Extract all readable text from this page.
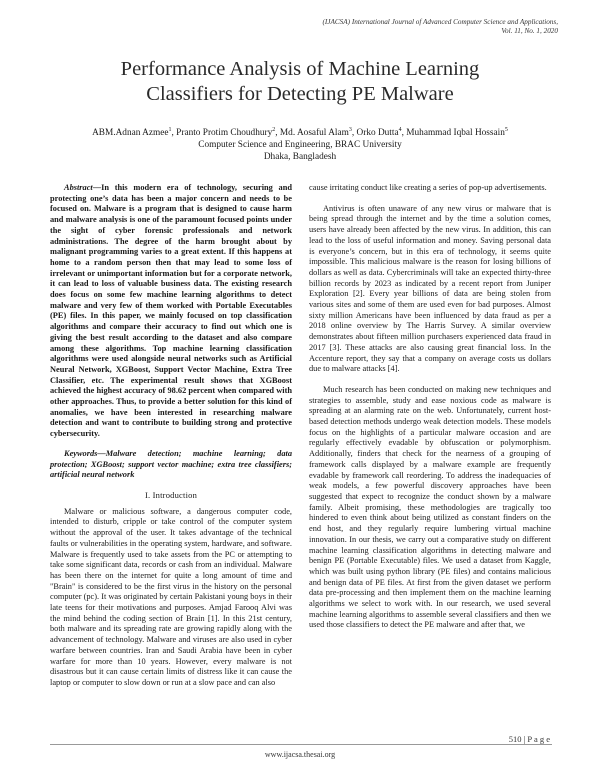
(IJACSA) International Journal of Advanced Computer Science and Applications,
Vol. 11, No. 1, 2020
Performance Analysis of Machine Learning
Classifiers for Detecting PE Malware
ABM.Adnan Azmee$^1$, Pranto Protim Choudhury$^2$, Md. Aosaful Alam$^3$, Orko Dutta$^4$, Muhammad Iqbal Hossain$^5$
Computer Science and Engineering, BRAC University
Dhaka, Bangladesh

Abstract—In this modern era of technology, securing and protecting one’s data has been a major concern and needs to be focused on. Malware is a program that is designed to cause harm and malware analysis is one of the paramount focused points under the sight of cyber forensic professionals and network administrations. The degree of the harm brought about by malignant programming varies to a great extent. If this happens at home to a random person then that may lead to some loss of irrelevant or unimportant information but for a corporate network, it can lead to loss of valuable business data. The existing research does focus on some few machine learning algorithms to detect malware and very few of them worked with Portable Executables (PE) files. In this paper, we mainly focused on top classification algorithms and compare their accuracy to find out which one is giving the best result according to the dataset and also compare among these algorithms. Top machine learning classification algorithms were used alongside neural networks such as Artificial Neural Network, XGBoost, Support Vector Machine, Extra Tree Classifier, etc. The experimental result shows that XGBoost achieved the highest accuracy of 98.62 percent when compared with other approaches. Thus, to provide a better solution for this kind of anomalies, we have been interested in researching malware detection and want to contribute to building strong and protective cybersecurity.

Keywords—Malware detection; machine learning; data protection; XGBoost; support vector machine; extra tree classifiers; artificial neural network

I. Introduction

Malware or malicious software, a dangerous computer code, intended to disturb, cripple or take control of the computer system without the approval of the user. It takes advantage of the technical faults or vulnerabilities in the operating system, hardware, and software. Malware is frequently used to take assets from the PC or attempting to take some significant data, records or cash from an individual. Malware has been there on the internet for quite a long amount of time and "Brain" is considered to be the first virus in the history on the personal computer (pc). It was originated by certain Pakistani young boys in their late teens for their motivations and purposes. Amjad Farooq Alvi was the mind behind the coding section of Brain [1]. In this 21st century, both malware and its spreading rate are growing rapidly along with the advancement of technology. Malware and viruses are also used in cyber warfare between countries. Iran and Saudi Arabia have been in cyber warfare for more than 10 years. However, every malware is not disastrous but it can cause certain limits of distress like it can cause the laptop or computer to slow down or run at a slow pace and can also

cause irritating conduct like creating a series of pop-up advertisements.

Antivirus is often unaware of any new virus or malware that is being spread through the internet and by the time a solution comes, users have already been affected by the new virus. In addition, this can lead to the loss of useful information and money. Saving personal data is everyone’s concern, but in this era of technology, it seems quite impossible. This malicious malware is the reason for losing billions of dollars as well as data. Cybercriminals will take an expected thirty-three billion records by 2023 as indicated by a recent report from Juniper Exploration [2]. Every year billions of data are being stolen from various sites and some of them are used even for bad purposes. Almost sixty million Americans have been influenced by data fraud as per a 2018 online overview by The Harris Survey. A similar overview demonstrates about fifteen million purchasers experienced data fraud in 2017 [3]. These attacks are also causing great financial loss. In the Accenture report, they say that a company on average costs us dollars due to malware attacks [4].

Much research has been conducted on making new techniques and strategies to assemble, study and ease noxious code as malware is spreading at an alarming rate on the web. Unfortunately, current host-based detection methods undergo weak detection models. These models focus on the highlights of a particular malware occasion and are regularly effectively evadable by obfuscation or polymorphism. Additionally, finders that check for the nearness of a grouping of framework calls displayed by a malware example are frequently evadable by framework call reordering. To address the inadequacies of weak models, a few powerful discovery approaches have been suggested that expect to recognize the conduct shown by a malware family. Albeit promising, these methodologies are tragically too hindered to even think about being utilized as constant finders on the end host, and they regularly require lumbering virtual machine innovation. In our thesis, we carry out a comparative study on different machine learning classification algorithms in detecting malware and benign PE (Portable Executable) files. We used a dataset from Kaggle, which was built using python library (PE files) and contains malicious and benign data of PE files. At first from the given dataset we perform data pre-processing and then implement them on the machine learning algorithms we select to work with. In our research, we used several machine learning algorithms to assemble several classifiers and then we used those classifiers to detect the PE malware and after that, we

510 | P a g e
www.ijacsa.thesai.org
